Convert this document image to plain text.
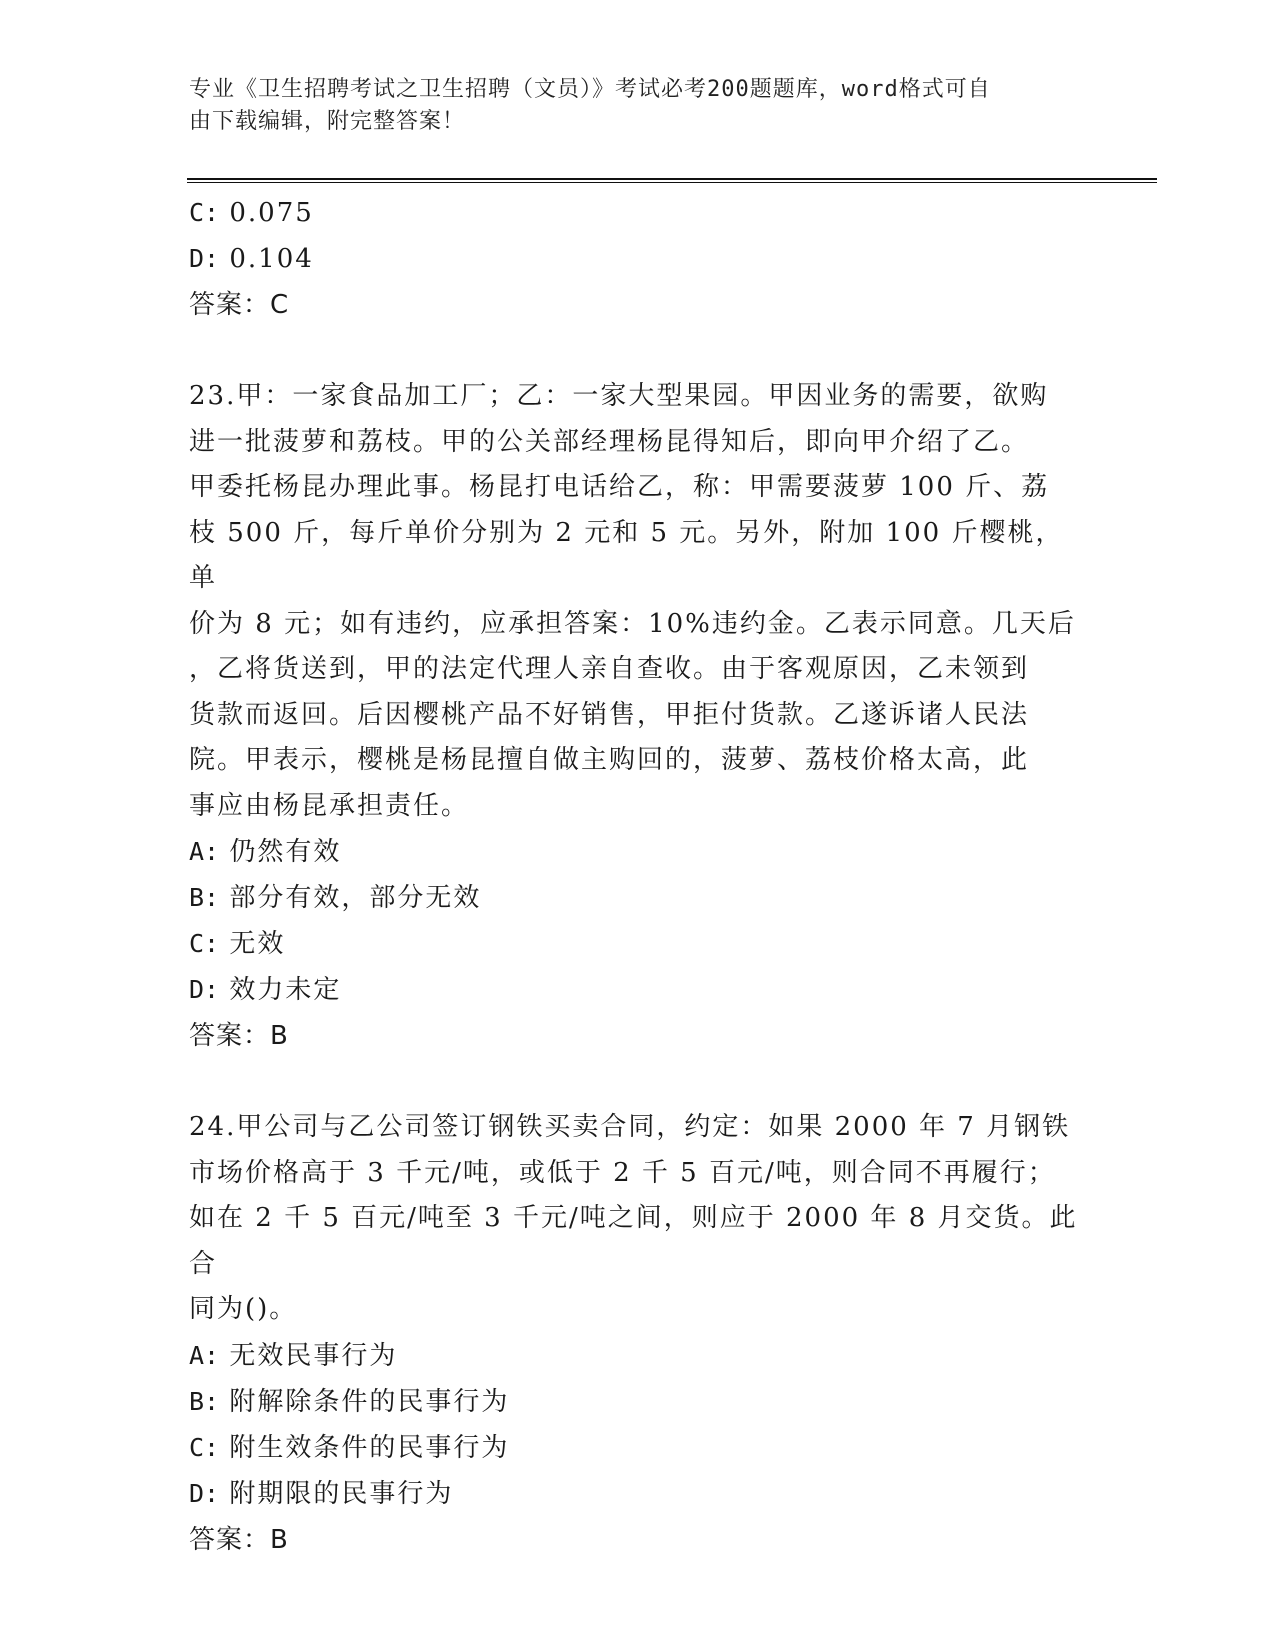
专业《卫生招聘考试之卫生招聘（文员）》考试必考200题题库，word格式可自
由下载编辑，附完整答案！
C: 0.075
D: 0.104
答案：C
23.甲：一家食品加工厂；乙：一家大型果园。甲因业务的需要，欲购
进一批菠萝和荔枝。甲的公关部经理杨昆得知后，即向甲介绍了乙。
甲委托杨昆办理此事。杨昆打电话给乙，称：甲需要菠萝 100 斤、荔
枝 500 斤，每斤单价分别为 2 元和 5 元。另外，附加 100 斤樱桃，单
价为 8 元；如有违约，应承担答案：10%违约金。乙表示同意。几天后
，乙将货送到，甲的法定代理人亲自查收。由于客观原因，乙未领到
货款而返回。后因樱桃产品不好销售，甲拒付货款。乙遂诉诸人民法
院。甲表示，樱桃是杨昆擅自做主购回的，菠萝、荔枝价格太高，此
事应由杨昆承担责任。
A: 仍然有效
B: 部分有效，部分无效
C: 无效
D: 效力未定
答案：B
24.甲公司与乙公司签订钢铁买卖合同，约定：如果 2000 年 7 月钢铁
市场价格高于 3 千元/吨，或低于 2 千 5 百元/吨，则合同不再履行；
如在 2 千 5 百元/吨至 3 千元/吨之间，则应于 2000 年 8 月交货。此合
同为()。
A: 无效民事行为
B: 附解除条件的民事行为
C: 附生效条件的民事行为
D: 附期限的民事行为
答案：B
